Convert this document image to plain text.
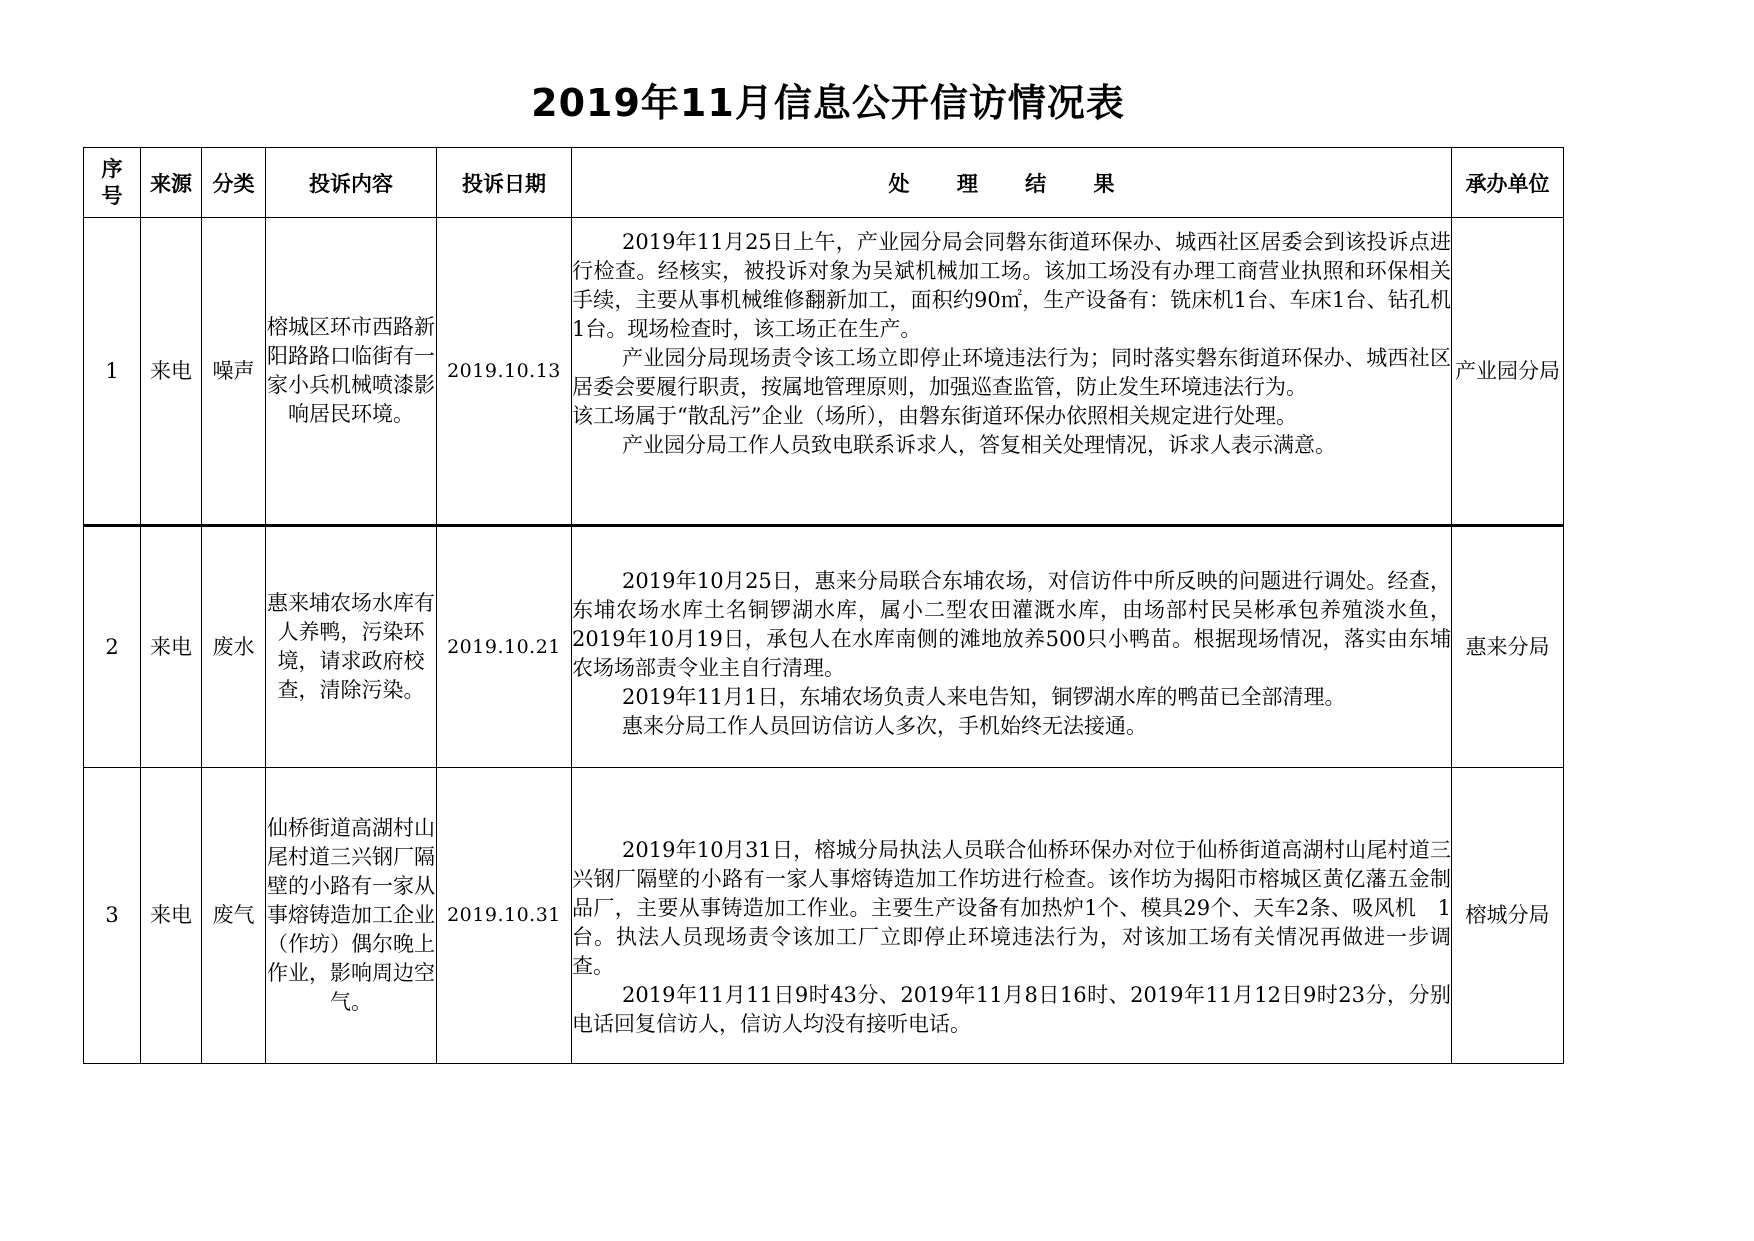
2019年11月信息公开信访情况表
序号	来源	分类	投诉内容	投诉日期	处 理 结 果	承办单位
1	来电	噪声	榕城区环市西路新阳路路口临街有一家小兵机械喷漆影响居民环境。	2019.10.13	2019年11月25日上午，产业园分局会同磐东街道环保办、城西社区居委会到该投诉点进行检查。经核实，被投诉对象为吴斌机械加工场。该加工场没有办理工商营业执照和环保相关手续，主要从事机械维修翻新加工，面积约90㎡，生产设备有：铣床机1台、车床1台、钻孔机1台。现场检查时，该工场正在生产。

产业园分局现场责令该工场立即停止环境违法行为；同时落实磐东街道环保办、城西社区居委会要履行职责，按属地管理原则，加强巡查监管，防止发生环境违法行为。

该工场属于“散乱污”企业（场所），由磐东街道环保办依照相关规定进行处理。

产业园分局工作人员致电联系诉求人，答复相关处理情况，诉求人表示满意。	产业园分局
2	来电	废水	惠来埔农场水库有人养鸭，污染环境，请求政府校查，清除污染。	2019.10.21	2019年10月25日，惠来分局联合东埔农场，对信访件中所反映的问题进行调处。经查，东埔农场水库土名铜锣湖水库，属小二型农田灌溉水库，由场部村民吴彬承包养殖淡水鱼，2019年10月19日，承包人在水库南侧的滩地放养500只小鸭苗。根据现场情况，落实由东埔农场场部责令业主自行清理。

2019年11月1日，东埔农场负责人来电告知，铜锣湖水库的鸭苗已全部清理。

惠来分局工作人员回访信访人多次，手机始终无法接通。	惠来分局
3	来电	废气	仙桥街道高湖村山尾村道三兴钢厂隔壁的小路有一家从事熔铸造加工企业（作坊）偶尔晚上作业，影响周边空气。	2019.10.31	2019年10月31日，榕城分局执法人员联合仙桥环保办对位于仙桥街道高湖村山尾村道三兴钢厂隔壁的小路有一家人事熔铸造加工作坊进行检查。该作坊为揭阳市榕城区黄亿藩五金制品厂，主要从事铸造加工作业。主要生产设备有加热炉1个、模具29个、天车2条、吸风机　1台。执法人员现场责令该加工厂立即停止环境违法行为，对该加工场有关情况再做进一步调查。

2019年11月11日9时43分、2019年11月8日16时、2019年11月12日9时23分，分别电话回复信访人，信访人均没有接听电话。	榕城分局
